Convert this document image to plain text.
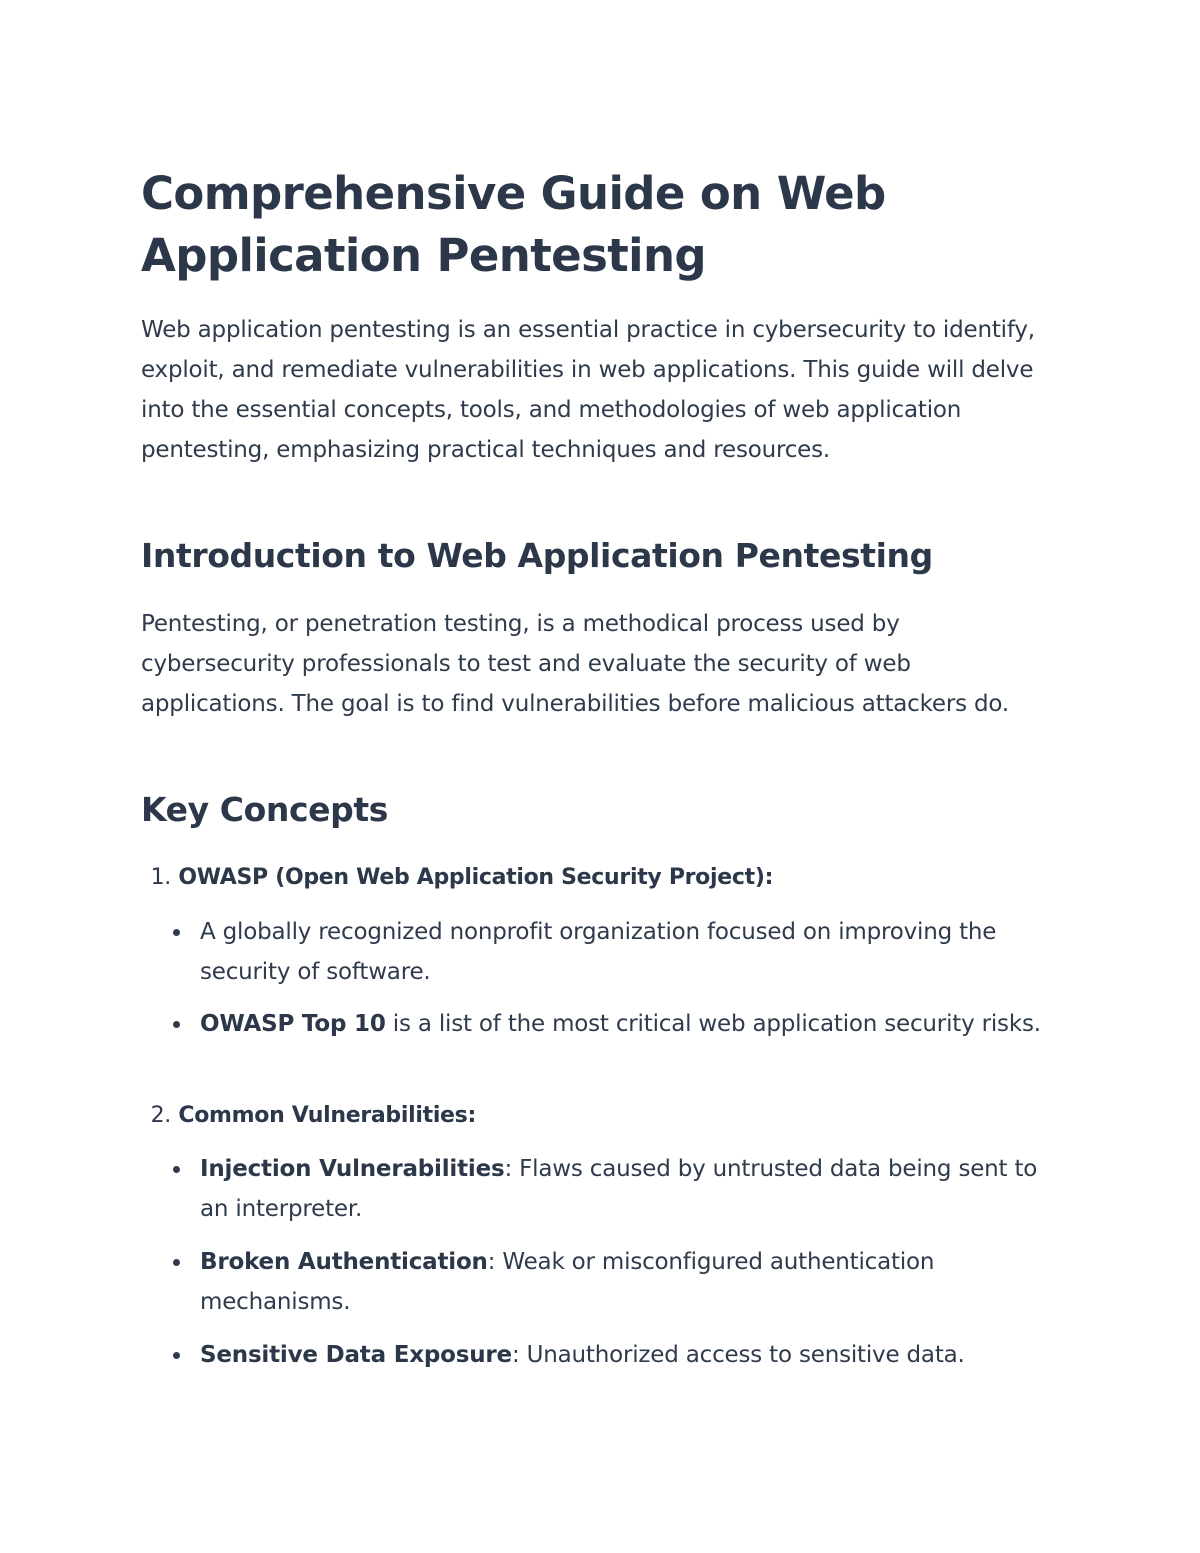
Comprehensive Guide on Web Application Pentesting

Web application pentesting is an essential practice in cybersecurity to identify, exploit, and remediate vulnerabilities in web applications. This guide will delve into the essential concepts, tools, and methodologies of web application pentesting, emphasizing practical techniques and resources.

Introduction to Web Application Pentesting

Pentesting, or penetration testing, is a methodical process used by cybersecurity professionals to test and evaluate the security of web applications. The goal is to find vulnerabilities before malicious attackers do.

Key Concepts
1. OWASP (Open Web Application Security Project):
A globally recognized nonprofit organization focused on improving the security of software.
OWASP Top 10 is a list of the most critical web application security risks.
2. Common Vulnerabilities:
Injection Vulnerabilities: Flaws caused by untrusted data being sent to an interpreter.
Broken Authentication: Weak or misconfigured authentication mechanisms.
Sensitive Data Exposure: Unauthorized access to sensitive data.
